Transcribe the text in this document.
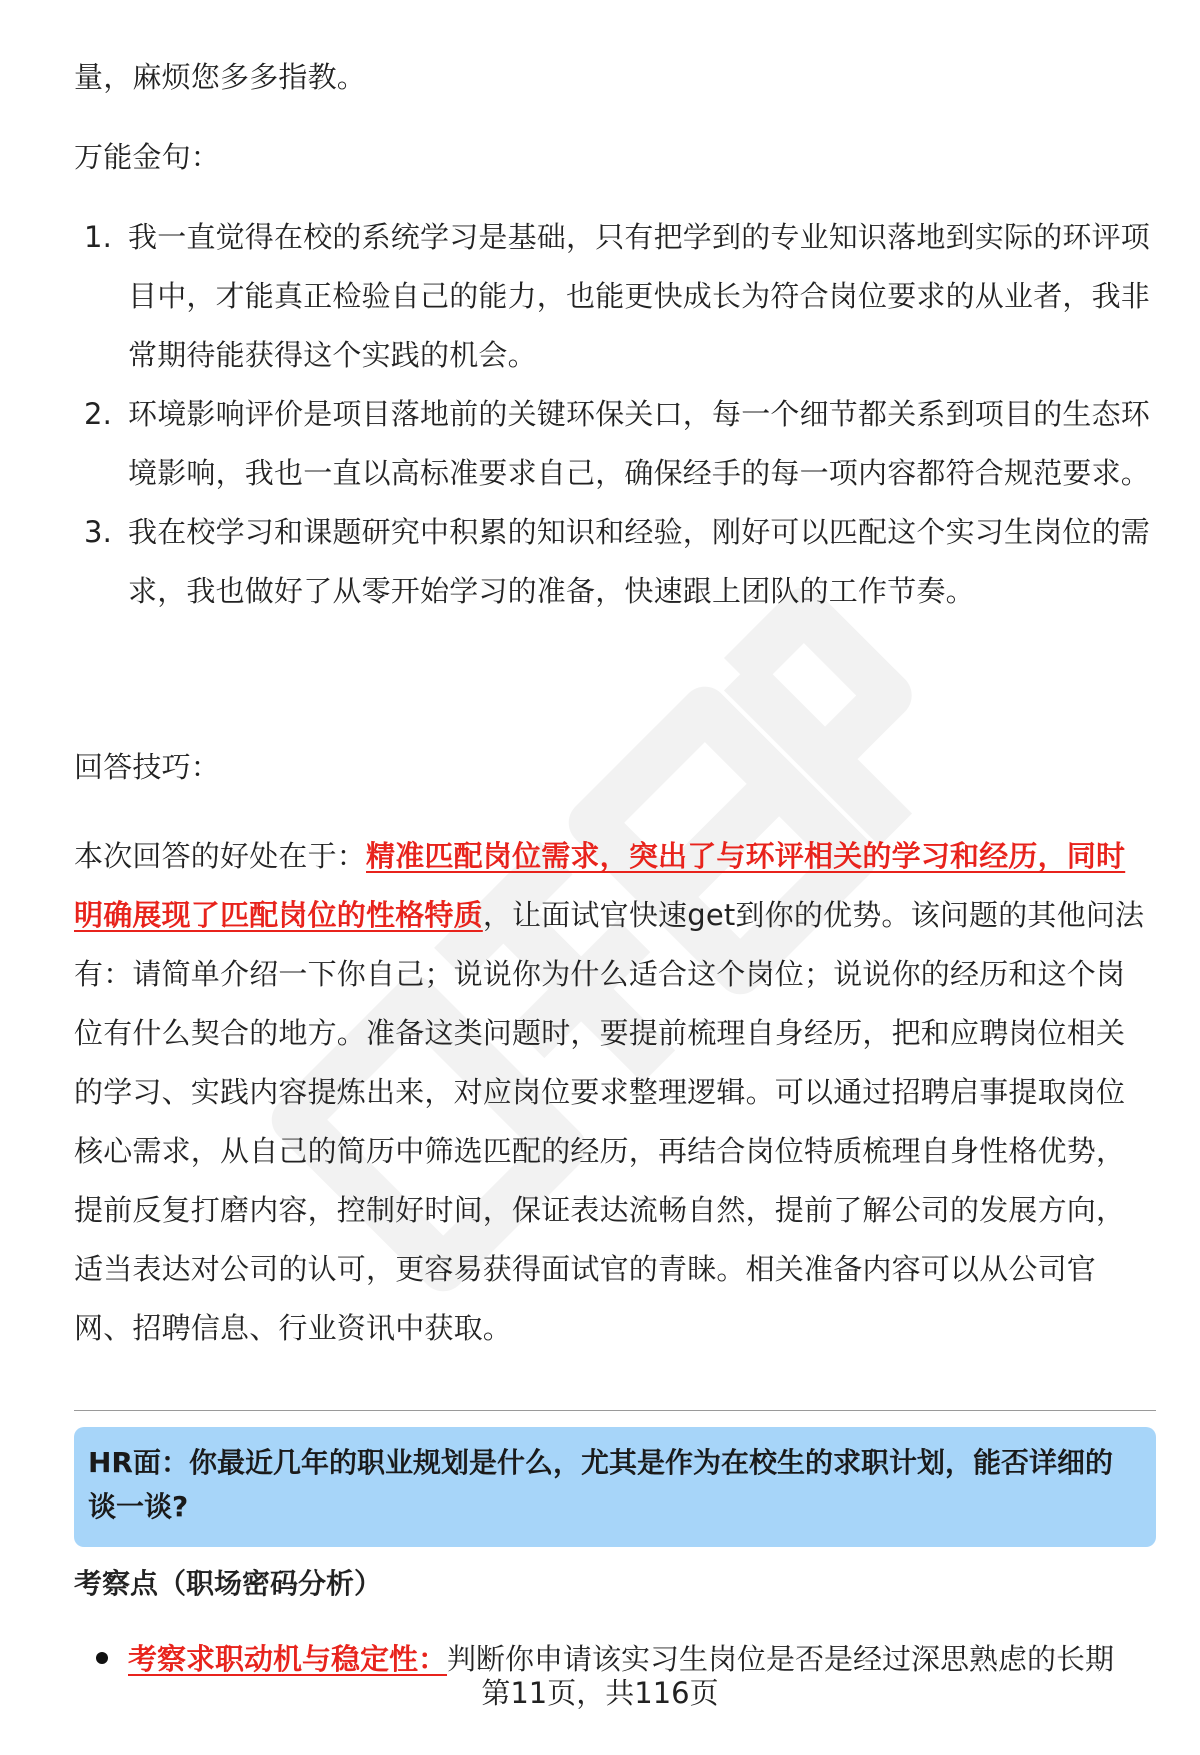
量，麻烦您多多指教。

万能金句：

1. 我一直觉得在校的系统学习是基础，只有把学到的专业知识落地到实际的环评项目中，才能真正检验自己的能力，也能更快成长为符合岗位要求的从业者，我非常期待能获得这个实践的机会。
2. 环境影响评价是项目落地前的关键环保关口，每一个细节都关系到项目的生态环境影响，我也一直以高标准要求自己，确保经手的每一项内容都符合规范要求。
3. 我在校学习和课题研究中积累的知识和经验，刚好可以匹配这个实习生岗位的需求，我也做好了从零开始学习的准备，快速跟上团队的工作节奏。

回答技巧：

本次回答的好处在于：精准匹配岗位需求，突出了与环评相关的学习和经历，同时明确展现了匹配岗位的性格特质，让面试官快速get到你的优势。该问题的其他问法有：请简单介绍一下你自己；说说你为什么适合这个岗位；说说你的经历和这个岗位有什么契合的地方。准备这类问题时，要提前梳理自身经历，把和应聘岗位相关的学习、实践内容提炼出来，对应岗位要求整理逻辑。可以通过招聘启事提取岗位核心需求，从自己的简历中筛选匹配的经历，再结合岗位特质梳理自身性格优势，提前反复打磨内容，控制好时间，保证表达流畅自然，提前了解公司的发展方向，适当表达对公司的认可，更容易获得面试官的青睐。相关准备内容可以从公司官网、招聘信息、行业资讯中获取。

HR面：你最近几年的职业规划是什么，尤其是作为在校生的求职计划，能否详细的谈一谈?
考察点（职场密码分析）
考察求职动机与稳定性：判断你申请该实习生岗位是否是经过深思熟虑的长期
第11页，共116页
